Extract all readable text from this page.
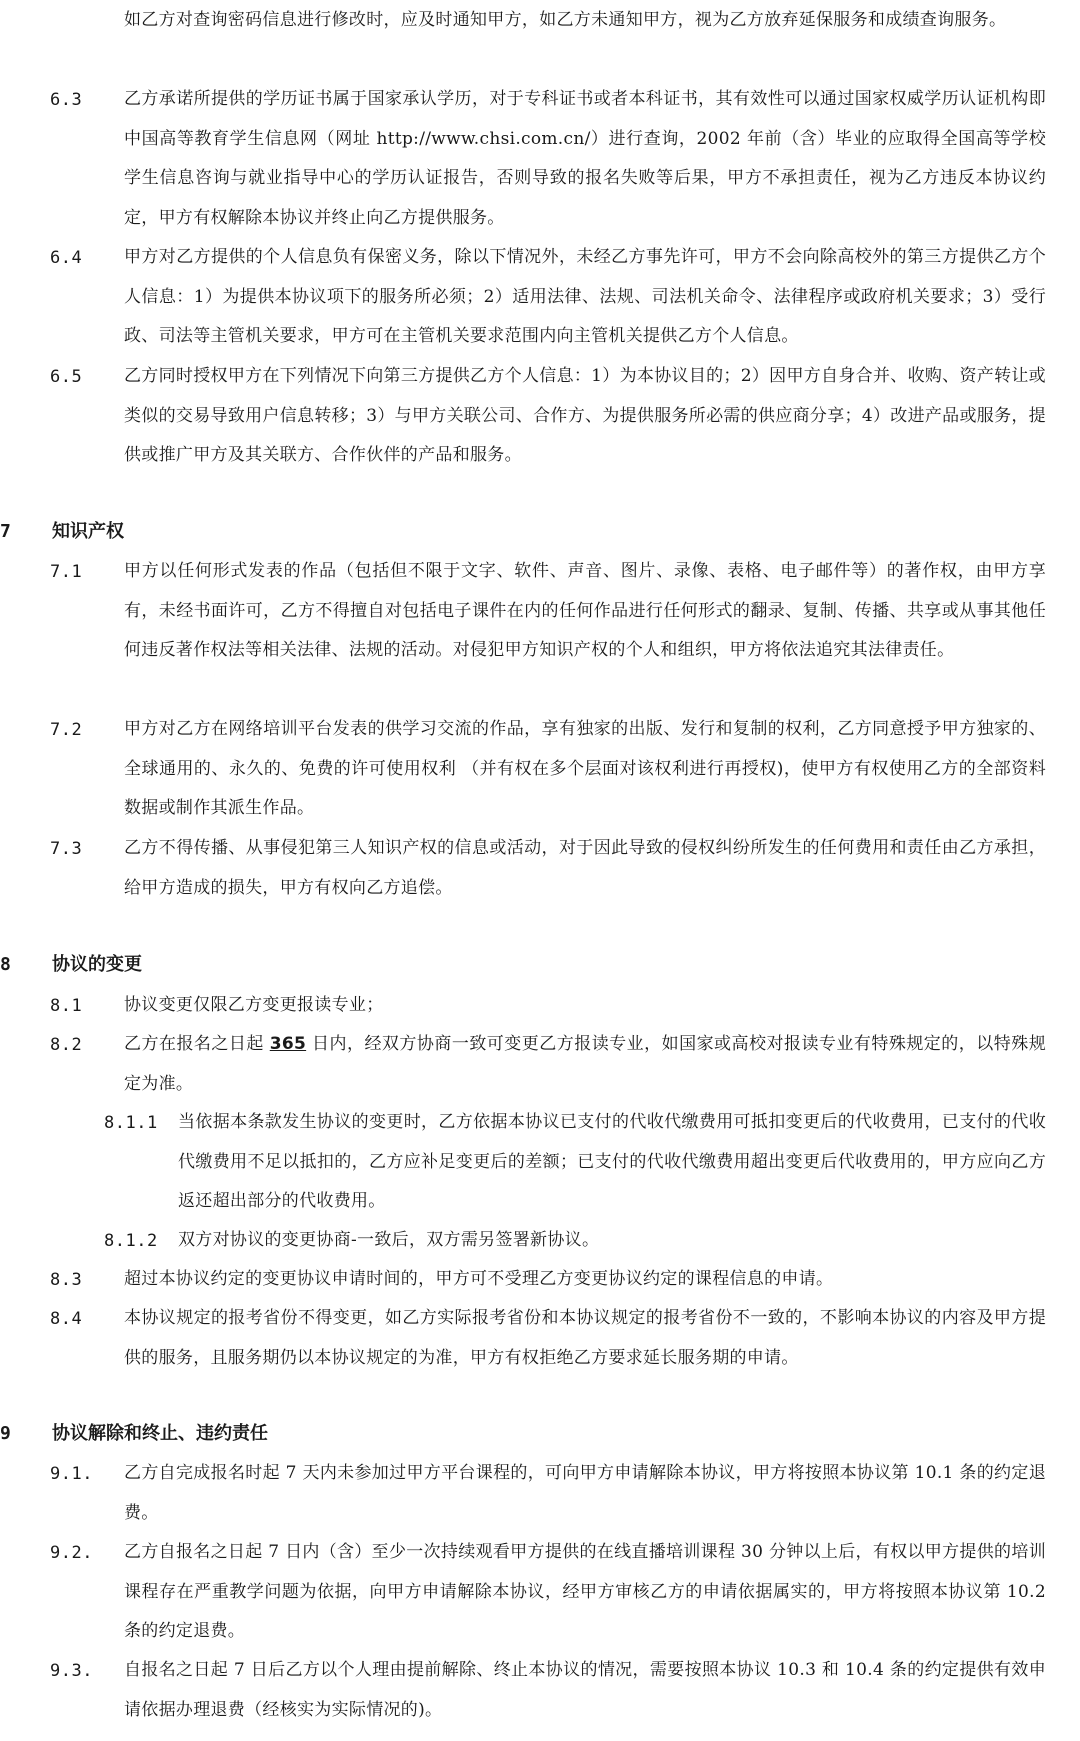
如乙方对查询密码信息进行修改时，应及时通知甲方，如乙方未通知甲方，视为乙方放弃延保服务和成绩查询服务。
6.3 乙方承诺所提供的学历证书属于国家承认学历，对于专科证书或者本科证书，其有效性可以通过国家权威学历认证机构即中国高等教育学生信息网（网址 http://www.chsi.com.cn/）进行查询，2002 年前（含）毕业的应取得全国高等学校学生信息咨询与就业指导中心的学历认证报告，否则导致的报名失败等后果，甲方不承担责任，视为乙方违反本协议约定，甲方有权解除本协议并终止向乙方提供服务。
6.4 甲方对乙方提供的个人信息负有保密义务，除以下情况外，未经乙方事先许可，甲方不会向除高校外的第三方提供乙方个人信息：1）为提供本协议项下的服务所必须；2）适用法律、法规、司法机关命令、法律程序或政府机关要求；3）受行政、司法等主管机关要求，甲方可在主管机关要求范围内向主管机关提供乙方个人信息。
6.5 乙方同时授权甲方在下列情况下向第三方提供乙方个人信息：1）为本协议目的；2）因甲方自身合并、收购、资产转让或类似的交易导致用户信息转移；3）与甲方关联公司、合作方、为提供服务所必需的供应商分享；4）改进产品或服务，提供或推广甲方及其关联方、合作伙伴的产品和服务。
7 知识产权
7.1 甲方以任何形式发表的作品（包括但不限于文字、软件、声音、图片、录像、表格、电子邮件等）的著作权，由甲方享有，未经书面许可，乙方不得擅自对包括电子课件在内的任何作品进行任何形式的翻录、复制、传播、共享或从事其他任何违反著作权法等相关法律、法规的活动。对侵犯甲方知识产权的个人和组织，甲方将依法追究其法律责任。
7.2 甲方对乙方在网络培训平台发表的供学习交流的作品，享有独家的出版、发行和复制的权利，乙方同意授予甲方独家的、全球通用的、永久的、免费的许可使用权利 （并有权在多个层面对该权利进行再授权)，使甲方有权使用乙方的全部资料数据或制作其派生作品。
7.3 乙方不得传播、从事侵犯第三人知识产权的信息或活动，对于因此导致的侵权纠纷所发生的任何费用和责任由乙方承担，给甲方造成的损失，甲方有权向乙方追偿。
8 协议的变更
8.1 协议变更仅限乙方变更报读专业；
8.2 乙方在报名之日起 365 日内，经双方协商一致可变更乙方报读专业，如国家或高校对报读专业有特殊规定的，以特殊规定为准。
8.1.1 当依据本条款发生协议的变更时，乙方依据本协议已支付的代收代缴费用可抵扣变更后的代收费用，已支付的代收代缴费用不足以抵扣的，乙方应补足变更后的差额；已支付的代收代缴费用超出变更后代收费用的，甲方应向乙方返还超出部分的代收费用。
8.1.2 双方对协议的变更协商-一致后，双方需另签署新协议。
8.3 超过本协议约定的变更协议申请时间的，甲方可不受理乙方变更协议约定的课程信息的申请。
8.4 本协议规定的报考省份不得变更，如乙方实际报考省份和本协议规定的报考省份不一致的，不影响本协议的内容及甲方提供的服务，且服务期仍以本协议规定的为准，甲方有权拒绝乙方要求延长服务期的申请。
9 协议解除和终止、违约责任
9.1. 乙方自完成报名时起 7 天内未参加过甲方平台课程的，可向甲方申请解除本协议，甲方将按照本协议第 10.1 条的约定退费。
9.2. 乙方自报名之日起 7 日内（含）至少一次持续观看甲方提供的在线直播培训课程 30 分钟以上后，有权以甲方提供的培训课程存在严重教学问题为依据，向甲方申请解除本协议，经甲方审核乙方的申请依据属实的，甲方将按照本协议第 10.2 条的约定退费。
9.3. 自报名之日起 7 日后乙方以个人理由提前解除、终止本协议的情况，需要按照本协议 10.3 和 10.4 条的约定提供有效申请依据办理退费（经核实为实际情况的)。
